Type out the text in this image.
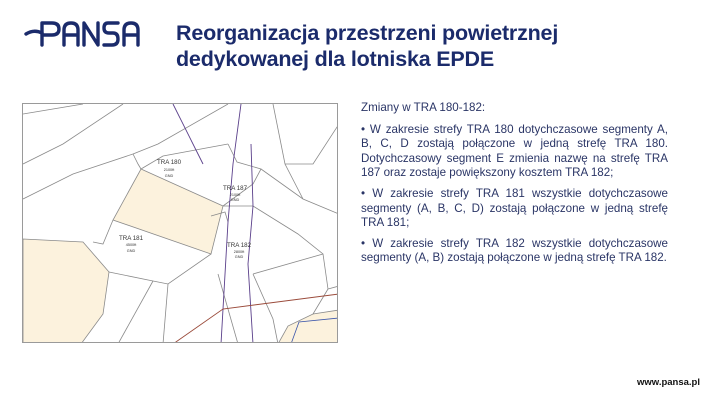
Reorganizacja przestrzeni powietrznej
dedykowanej dla lotniska EPDE
TRA 180
2100ft
GND
TRA 187
2100ft
GND
TRA 181
4500ft
GND
TRA 182
2800ft
GND
Zmiany w TRA 180-182:
• W zakresie strefy TRA 180 dotychczasowe segmenty A, B, C, D zostają połączone w jedną strefę TRA 180. Dotychczasowy segment E zmienia nazwę na strefę TRA 187 oraz zostaje powiększony kosztem TRA 182;
• W zakresie strefy TRA 181 wszystkie dotychczasowe segmenty (A, B, C, D) zostają połączone w jedną strefę TRA 181;
• W zakresie strefy TRA 182 wszystkie dotychczasowe segmenty (A, B) zostają połączone w jedną strefę TRA 182.
www.pansa.pl
